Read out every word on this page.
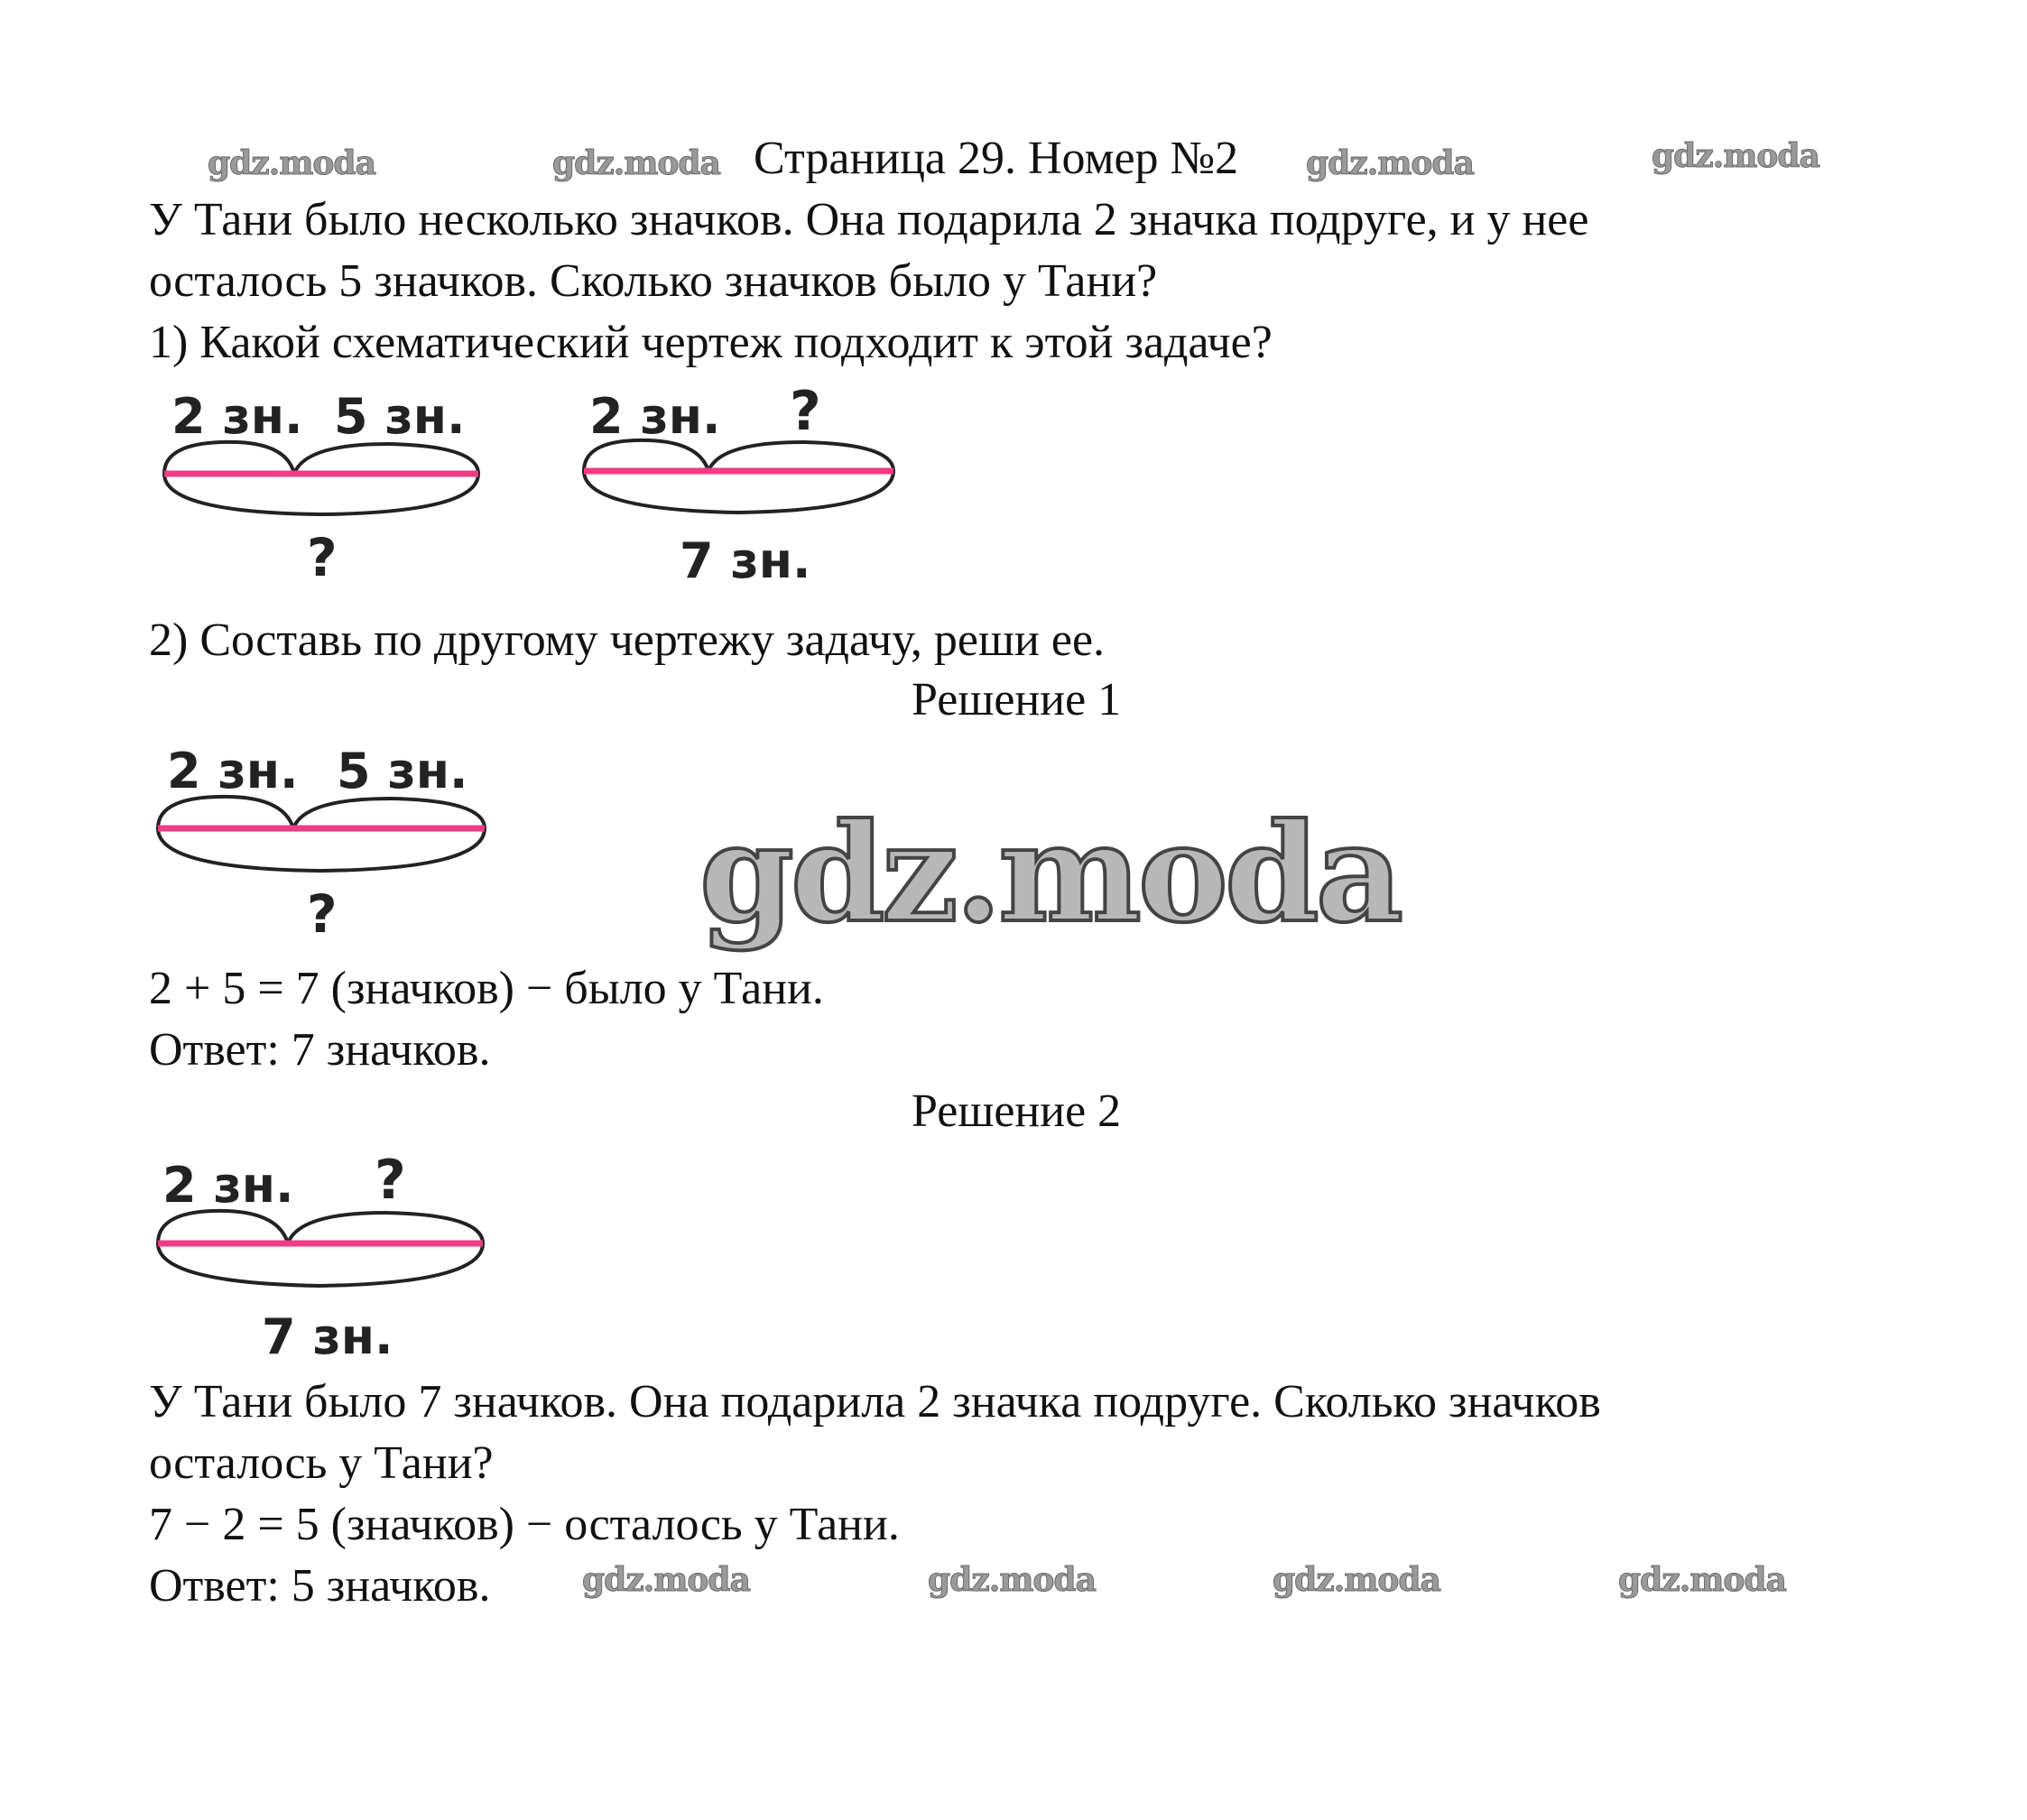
gdz.moda	gdz.moda	gdz.moda	gdz.moda
Страница 29. Номер №2
У Тани было несколько значков. Она подарила 2 значка подруге, и у нее
осталось 5 значков. Сколько значков было у Тани?
1) Какой схематический чертеж подходит к этой задаче?
2 зн. 5 зн.
?
2 зн. ?
7 зн.
2) Составь по другому чертежу задачу, реши ее.
Решение 1
2 зн. 5 зн.
?	gdz.moda
2 + 5 = 7 (значков) − было у Тани.
Ответ: 7 значков.
Решение 2
2 зн. ?
7 зн.
У Тани было 7 значков. Она подарила 2 значка подруге. Сколько значков
осталось у Тани?
7 − 2 = 5 (значков) − осталось у Тани.
Ответ: 5 значков.	gdz.moda	gdz.moda	gdz.moda	gdz.moda
